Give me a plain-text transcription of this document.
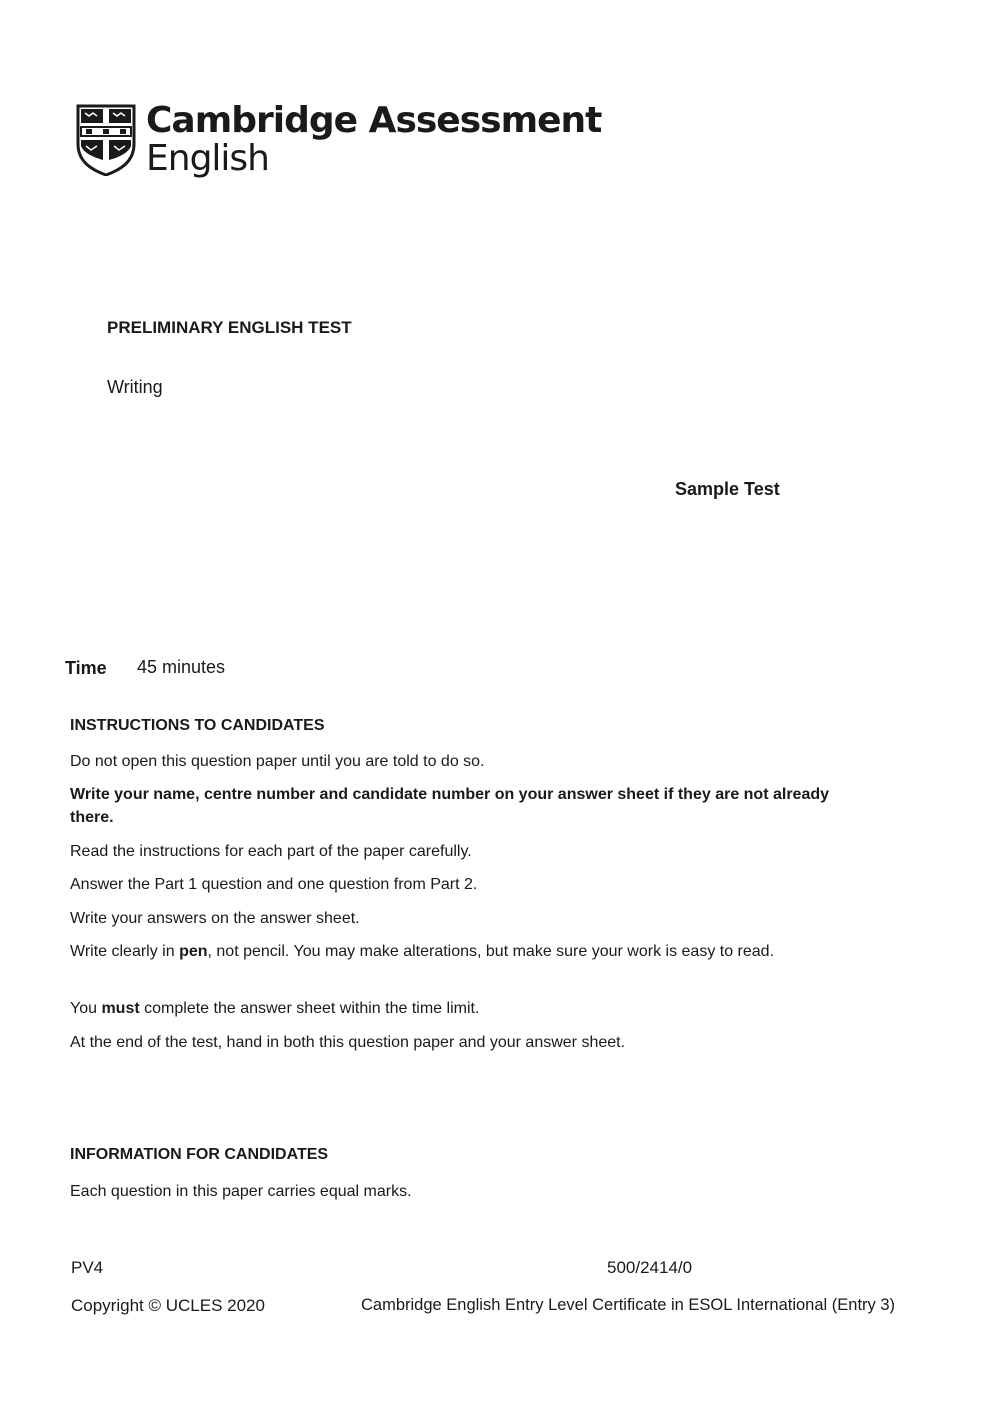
Cambridge Assessment
English
PRELIMINARY ENGLISH TEST
Writing
Sample Test
Time 45 minutes
INSTRUCTIONS TO CANDIDATES
Do not open this question paper until you are told to do so.
Write your name, centre number and candidate number on your answer sheet if they are not already there.
Read the instructions for each part of the paper carefully.
Answer the Part 1 question and one question from Part 2.
Write your answers on the answer sheet.
Write clearly in pen, not pencil. You may make alterations, but make sure your work is easy to read.
You must complete the answer sheet within the time limit.
At the end of the test, hand in both this question paper and your answer sheet.
INFORMATION FOR CANDIDATES
Each question in this paper carries equal marks.
PV4	500/2414/0
Copyright © UCLES 2020	Cambridge English Entry Level Certificate in ESOL International (Entry 3)
